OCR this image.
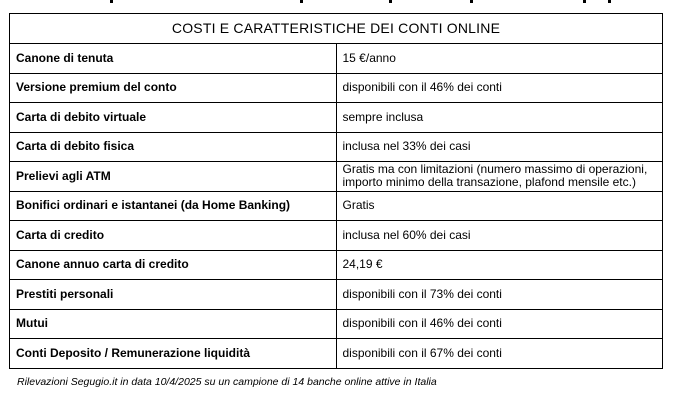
COSTI E CARATTERISTICHE DEI CONTI ONLINE	
Canone di tenuta	15 €/anno
Versione premium del conto	disponibili con il 46% dei conti
Carta di debito virtuale	sempre inclusa
Carta di debito fisica	inclusa nel 33% dei casi
Prelievi agli ATM	Gratis ma con limitazioni (numero massimo di operazioni,
importo minimo della transazione, plafond mensile etc.)
Bonifici ordinari e istantanei (da Home Banking)	Gratis
Carta di credito	inclusa nel 60% dei casi
Canone annuo carta di credito	24,19 €
Prestiti personali	disponibili con il 73% dei conti
Mutui	disponibili con il 46% dei conti
Conti Deposito / Remunerazione liquidità	disponibili con il 67% dei conti
Rilevazioni Segugio.it in data 10/4/2025 su un campione di 14 banche online attive in Italia
